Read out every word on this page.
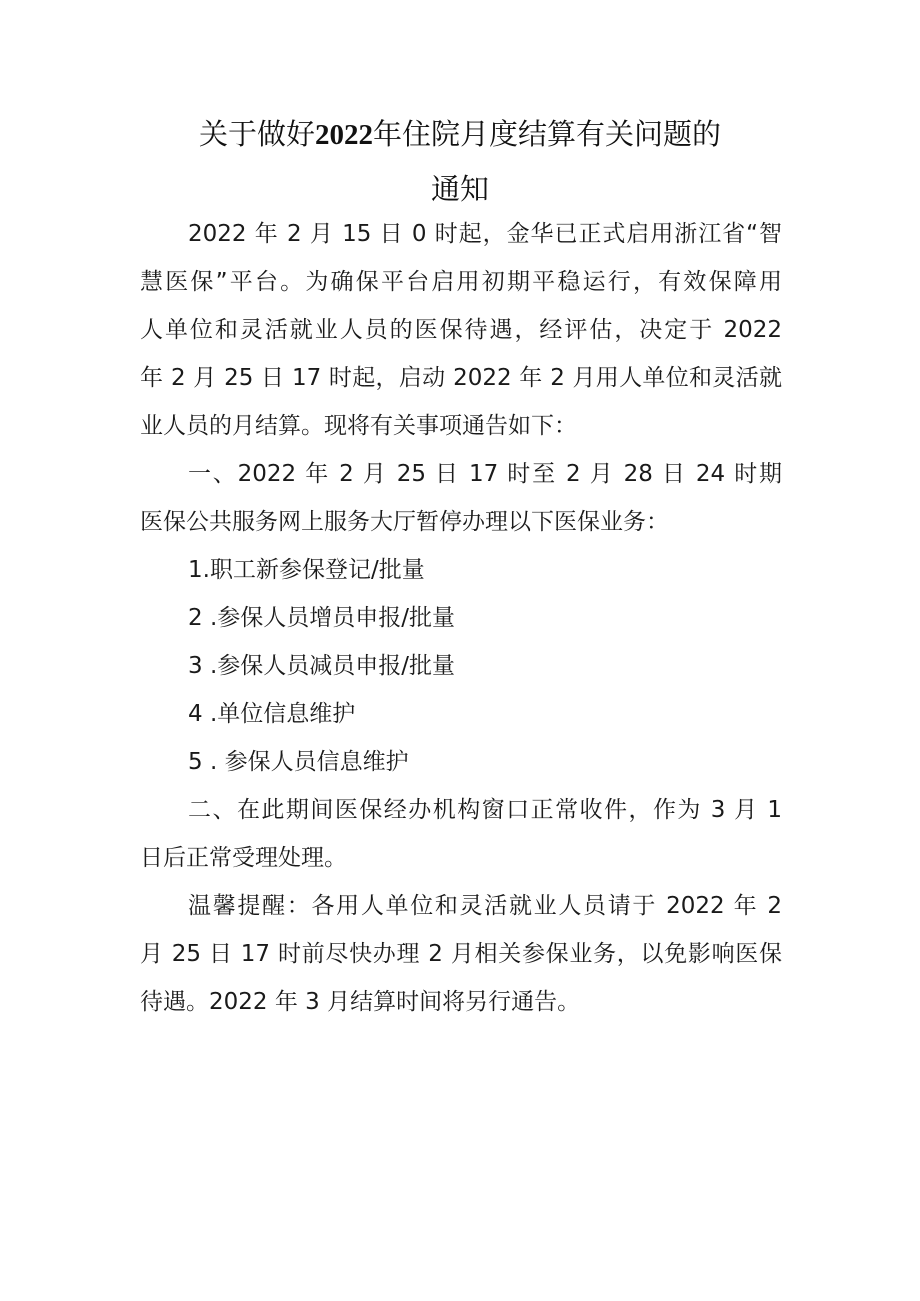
关于做好2022年住院月度结算有关问题的
通知
2022 年 2 月 15 日 0 时起，金华已正式启用浙江省“智
慧医保”平台。为确保平台启用初期平稳运行，有效保障用
人单位和灵活就业人员的医保待遇，经评估，决定于 2022
年 2 月 25 日 17 时起，启动 2022 年 2 月用人单位和灵活就
业人员的月结算。现将有关事项通告如下：
一、2022 年 2 月 25 日 17 时至 2 月 28 日 24 时期
医保公共服务网上服务大厅暂停办理以下医保业务：
1.职工新参保登记/批量
2 .参保人员增员申报/批量
3 .参保人员减员申报/批量
4 .单位信息维护
5 . 参保人员信息维护
二、在此期间医保经办机构窗口正常收件，作为 3 月 1
日后正常受理处理。
温馨提醒：各用人单位和灵活就业人员请于 2022 年 2
月 25 日 17 时前尽快办理 2 月相关参保业务，以免影响医保
待遇。2022 年 3 月结算时间将另行通告。
